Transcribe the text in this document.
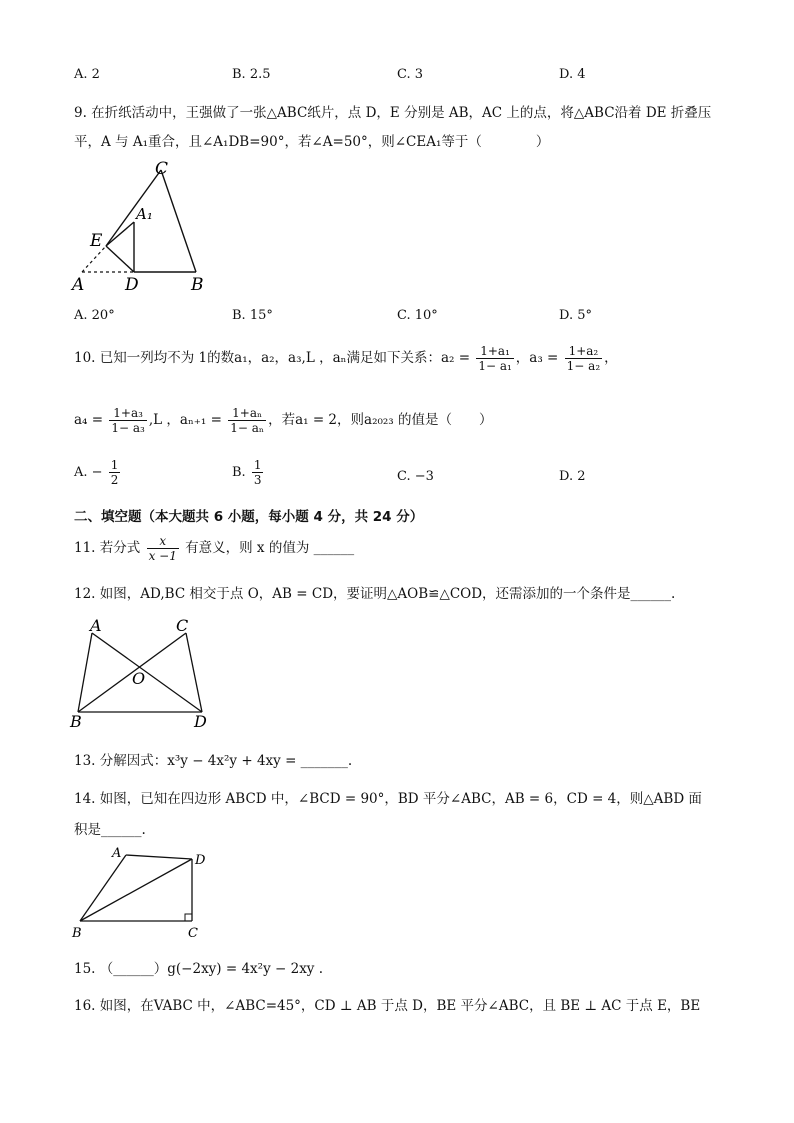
A. 2	B. 2.5	C. 3	D. 4
9. 在折纸活动中，王强做了一张△ABC纸片，点 D，E 分别是 AB，AC 上的点，将△ABC沿着 DE 折叠压
平，A 与 A₁重合，且∠A₁DB=90°，若∠A=50°，则∠CEA₁等于（　　　　）
C
A₁
E
A D	B
A. 20°	B. 15°	C. 10°	D. 5°
10. 已知一列均不为 1的数a₁，a₂，a₃,L ，aₙ满足如下关系：$a_2 = \frac{\text{1+a₁}}{\text{1− a₁}}$ ，$a_3 = \frac{\text{1+a₂}}{\text{1− a₂}}$ ，
$a_4 = \frac{\text{1+a₃}}{\text{1− a₃}} ,L$ ，$a_{n+1} = \frac{\text{1+aₙ}}{\text{1− aₙ}}$ ，若a₁ = 2，则a₂₀₂₃ 的值是（　　）
A. − $\frac{1}{2}$	B. $\frac{1}{3}$	C. −3	D. 2
二、填空题（本大题共 6 小题，每小题 4 分，共 24 分）
11. 若分式 $\frac{x}{x -1}$ 有意义，则 x 的值为 ______
12. 如图，AD,BC 相交于点 O，AB = CD，要证明△AOB≌△COD，还需添加的一个条件是______.
A	C
O
B	D
13. 分解因式：x³y − 4x²y + 4xy = _______.
14. 如图，已知在四边形 ABCD 中，∠BCD = 90°，BD 平分∠ABC，AB = 6，CD = 4，则△ABD 面
积是______.
A	D
B	C
15. （______）g(−2xy) = 4x²y − 2xy .
16. 如图，在VABC 中，∠ABC=45°，CD ⊥ AB 于点 D，BE 平分∠ABC，且 BE ⊥ AC 于点 E，BE
